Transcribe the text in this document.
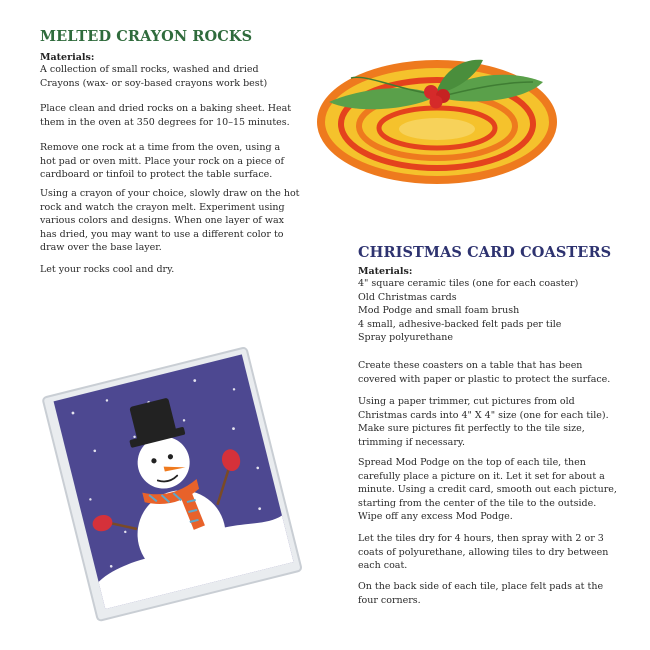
MELTED CRAYON ROCKS
Materials:
A collection of small rocks, washed and dried
Crayons (wax- or soy-based crayons work best)
Place clean and dried rocks on a baking sheet. Heat
them in the oven at 350 degrees for 10–15 minutes.
Remove one rock at a time from the oven, using a
hot pad or oven mitt. Place your rock on a piece of
cardboard or tinfoil to protect the table surface.
Using a crayon of your choice, slowly draw on the hot
rock and watch the crayon melt. Experiment using
various colors and designs. When one layer of wax
has dried, you may want to use a different color to
draw over the base layer.
Let your rocks cool and dry.
CHRISTMAS CARD COASTERS
Materials:
4" square ceramic tiles (one for each coaster)
Old Christmas cards
Mod Podge and small foam brush
4 small, adhesive-backed felt pads per tile
Spray polyurethane
Create these coasters on a table that has been
covered with paper or plastic to protect the surface.
Using a paper trimmer, cut pictures from old
Christmas cards into 4" X 4" size (one for each tile).
Make sure pictures fit perfectly to the tile size,
trimming if necessary.
Spread Mod Podge on the top of each tile, then
carefully place a picture on it. Let it set for about a
minute. Using a credit card, smooth out each picture,
starting from the center of the tile to the outside.
Wipe off any excess Mod Podge.
Let the tiles dry for 4 hours, then spray with 2 or 3
coats of polyurethane, allowing tiles to dry between
each coat.
On the back side of each tile, place felt pads at the
four corners.
